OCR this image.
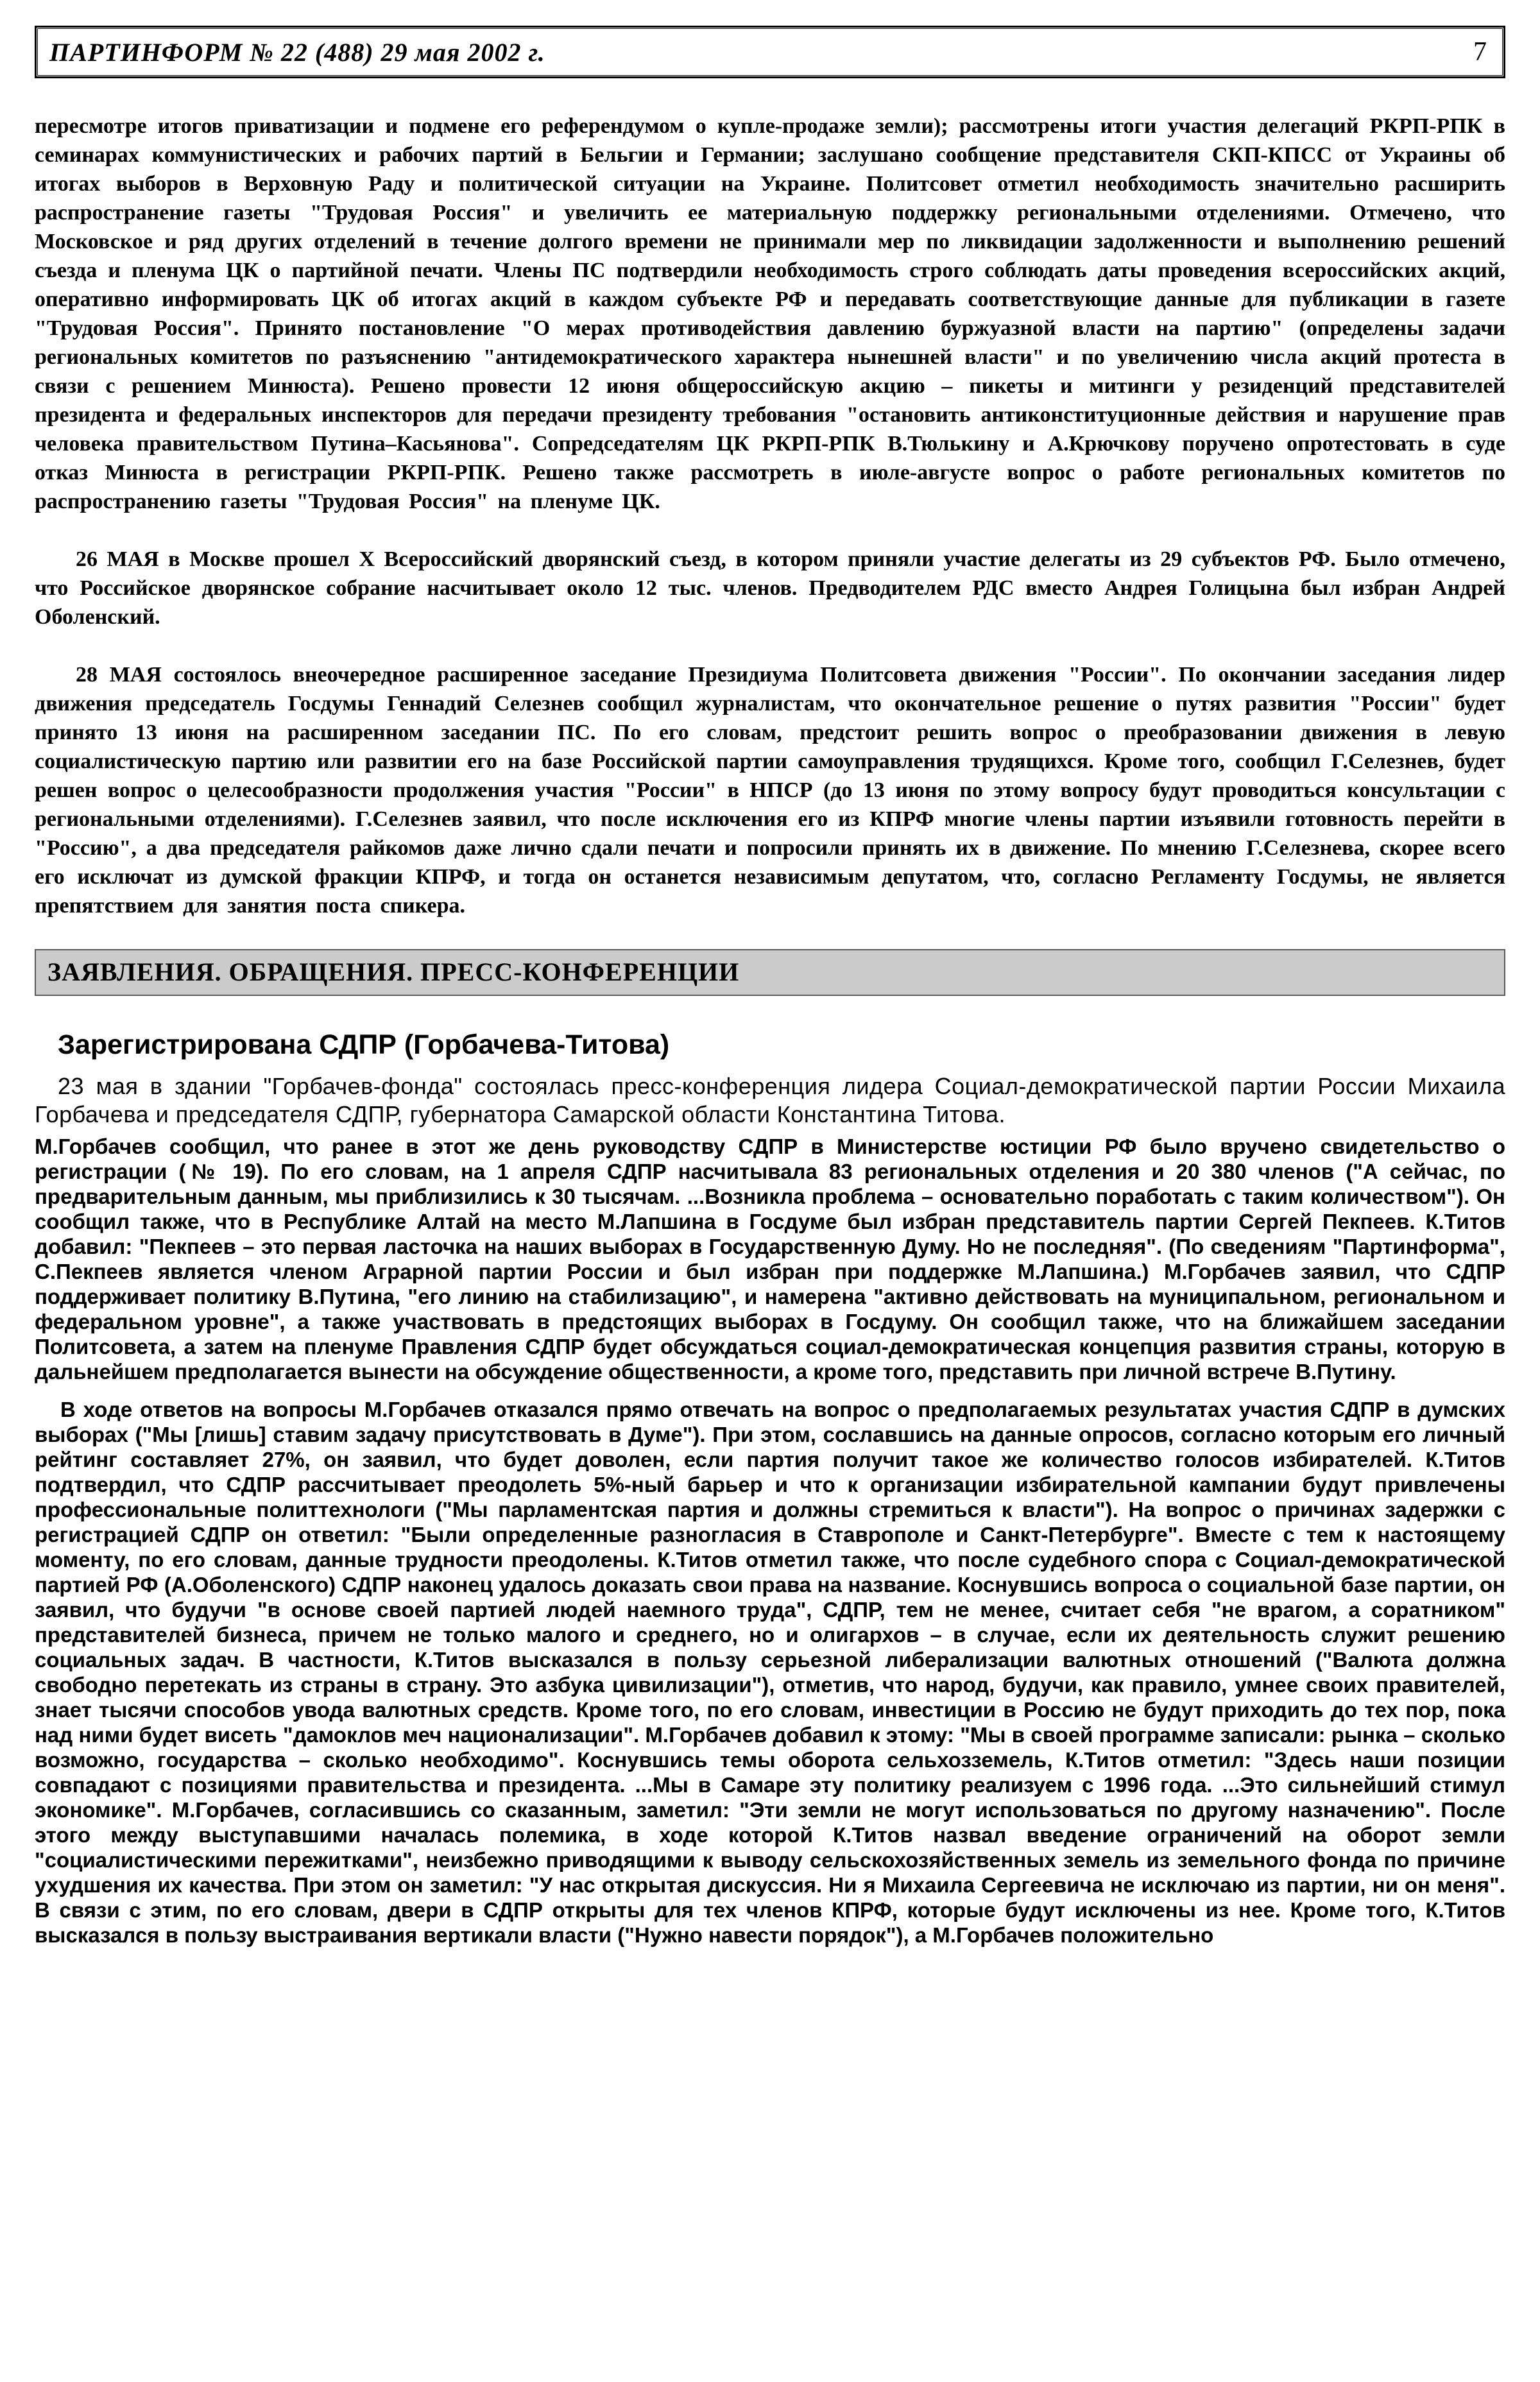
ПАРТИНФОРМ № 22 (488) 29 мая 2002 г.	7

пересмотре итогов приватизации и подмене его референдумом о купле-продаже земли); рассмотрены итоги участия делегаций РКРП-РПК в семинарах коммунистических и рабочих партий в Бельгии и Германии; заслушано сообщение представителя СКП-КПСС от Украины об итогах выборов в Верховную Раду и политической ситуации на Украине. Политсовет отметил необходимость значительно расширить распространение газеты "Трудовая Россия" и увеличить ее материальную поддержку региональными отделениями. Отмечено, что Московское и ряд других отделений в течение долгого времени не принимали мер по ликвидации задолженности и выполнению решений съезда и пленума ЦК о партийной печати. Члены ПС подтвердили необходимость строго соблюдать даты проведения всероссийских акций, оперативно информировать ЦК об итогах акций в каждом субъекте РФ и передавать соответствующие данные для публикации в газете "Трудовая Россия". Принято постановление "О мерах противодействия давлению буржуазной власти на партию" (определены задачи региональных комитетов по разъяснению "антидемократического характера нынешней власти" и по увеличению числа акций протеста в связи с решением Минюста). Решено провести 12 июня общероссийскую акцию – пикеты и митинги у резиденций представителей президента и федеральных инспекторов для передачи президенту требования "остановить антиконституционные действия и нарушение прав человека правительством Путина–Касьянова". Сопредседателям ЦК РКРП-РПК В.Тюлькину и А.Крючкову поручено опротестовать в суде отказ Минюста в регистрации РКРП-РПК. Решено также рассмотреть в июле-августе вопрос о работе региональных комитетов по распространению газеты "Трудовая Россия" на пленуме ЦК.

26 МАЯ в Москве прошел X Всероссийский дворянский съезд, в котором приняли участие делегаты из 29 субъектов РФ. Было отмечено, что Российское дворянское собрание насчитывает около 12 тыс. членов. Предводителем РДС вместо Андрея Голицына был избран Андрей Оболенский.

28 МАЯ состоялось внеочередное расширенное заседание Президиума Политсовета движения "России". По окончании заседания лидер движения председатель Госдумы Геннадий Селезнев сообщил журналистам, что окончательное решение о путях развития "России" будет принято 13 июня на расширенном заседании ПС. По его словам, предстоит решить вопрос о преобразовании движения в левую социалистическую партию или развитии его на базе Российской партии самоуправления трудящихся. Кроме того, сообщил Г.Селезнев, будет решен вопрос о целесообразности продолжения участия "России" в НПСР (до 13 июня по этому вопросу будут проводиться консультации с региональными отделениями). Г.Селезнев заявил, что после исключения его из КПРФ многие члены партии изъявили готовность перейти в "Россию", а два председателя райкомов даже лично сдали печати и попросили принять их в движение. По мнению Г.Селезнева, скорее всего его исключат из думской фракции КПРФ, и тогда он останется независимым депутатом, что, согласно Регламенту Госдумы, не является препятствием для занятия поста спикера.

ЗАЯВЛЕНИЯ. ОБРАЩЕНИЯ. ПРЕСС-КОНФЕРЕНЦИИ
Зарегистрирована СДПР (Горбачева-Титова)

23 мая в здании "Горбачев-фонда" состоялась пресс-конференция лидера Социал-демократической партии России Михаила Горбачева и председателя СДПР, губернатора Самарской области Константина Титова.

М.Горбачев сообщил, что ранее в этот же день руководству СДПР в Министерстве юстиции РФ было вручено свидетельство о регистрации (№ 19). По его словам, на 1 апреля СДПР насчитывала 83 региональных отделения и 20 380 членов ("А сейчас, по предварительным данным, мы приблизились к 30 тысячам. ...Возникла проблема – основательно поработать с таким количеством"). Он сообщил также, что в Республике Алтай на место М.Лапшина в Госдуме был избран представитель партии Сергей Пекпеев. К.Титов добавил: "Пекпеев – это первая ласточка на наших выборах в Государственную Думу. Но не последняя". (По сведениям "Партинформа", С.Пекпеев является членом Аграрной партии России и был избран при поддержке М.Лапшина.) М.Горбачев заявил, что СДПР поддерживает политику В.Путина, "его линию на стабилизацию", и намерена "активно действовать на муниципальном, региональном и федеральном уровне", а также участвовать в предстоящих выборах в Госдуму. Он сообщил также, что на ближайшем заседании Политсовета, а затем на пленуме Правления СДПР будет обсуждаться социал-демократическая концепция развития страны, которую в дальнейшем предполагается вынести на обсуждение общественности, а кроме того, представить при личной встрече В.Путину.

В ходе ответов на вопросы М.Горбачев отказался прямо отвечать на вопрос о предполагаемых результатах участия СДПР в думских выборах ("Мы [лишь] ставим задачу присутствовать в Думе"). При этом, сославшись на данные опросов, согласно которым его личный рейтинг составляет 27%, он заявил, что будет доволен, если партия получит такое же количество голосов избирателей. К.Титов подтвердил, что СДПР рассчитывает преодолеть 5%-ный барьер и что к организации избирательной кампании будут привлечены профессиональные политтехнологи ("Мы парламентская партия и должны стремиться к власти"). На вопрос о причинах задержки с регистрацией СДПР он ответил: "Были определенные разногласия в Ставрополе и Санкт-Петербурге". Вместе с тем к настоящему моменту, по его словам, данные трудности преодолены. К.Титов отметил также, что после судебного спора с Социал-демократической партией РФ (А.Оболенского) СДПР наконец удалось доказать свои права на название. Коснувшись вопроса о социальной базе партии, он заявил, что будучи "в основе своей партией людей наемного труда", СДПР, тем не менее, считает себя "не врагом, а соратником" представителей бизнеса, причем не только малого и среднего, но и олигархов – в случае, если их деятельность служит решению социальных задач. В частности, К.Титов высказался в пользу серьезной либерализации валютных отношений ("Валюта должна свободно перетекать из страны в страну. Это азбука цивилизации"), отметив, что народ, будучи, как правило, умнее своих правителей, знает тысячи способов увода валютных средств. Кроме того, по его словам, инвестиции в Россию не будут приходить до тех пор, пока над ними будет висеть "дамоклов меч национализации". М.Горбачев добавил к этому: "Мы в своей программе записали: рынка – сколько возможно, государства – сколько необходимо". Коснувшись темы оборота сельхозземель, К.Титов отметил: "Здесь наши позиции совпадают с позициями правительства и президента. ...Мы в Самаре эту политику реализуем с 1996 года. ...Это сильнейший стимул экономике". М.Горбачев, согласившись со сказанным, заметил: "Эти земли не могут использоваться по другому назначению". После этого между выступавшими началась полемика, в ходе которой К.Титов назвал введение ограничений на оборот земли "социалистическими пережитками", неизбежно приводящими к выводу сельскохозяйственных земель из земельного фонда по причине ухудшения их качества. При этом он заметил: "У нас открытая дискуссия. Ни я Михаила Сергеевича не исключаю из партии, ни он меня". В связи с этим, по его словам, двери в СДПР открыты для тех членов КПРФ, которые будут исключены из нее. Кроме того, К.Титов высказался в пользу выстраивания вертикали власти ("Нужно навести порядок"), а М.Горбачев положительно
